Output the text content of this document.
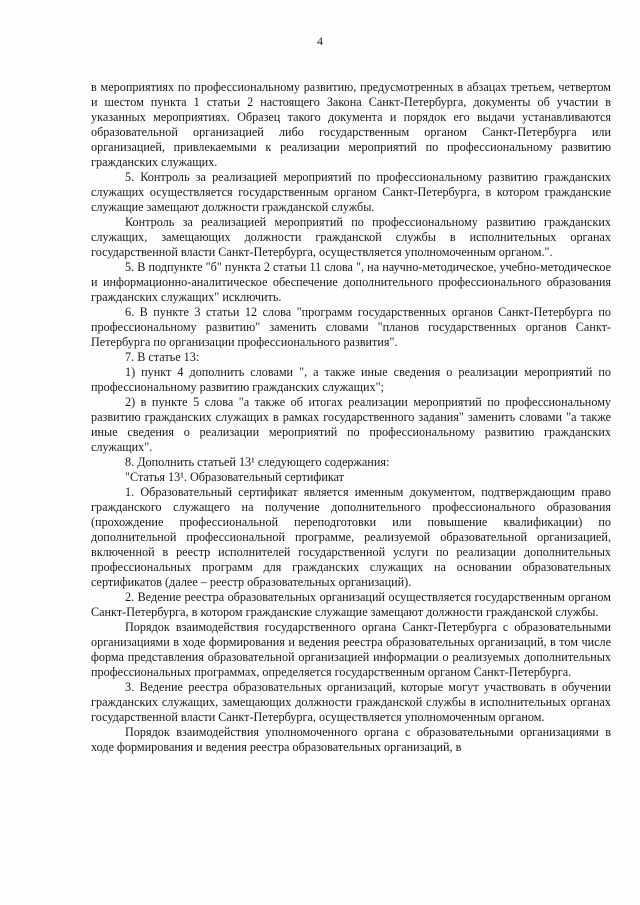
4

в мероприятиях по профессиональному развитию, предусмотренных в абзацах третьем, четвертом и шестом пункта 1 статьи 2 настоящего Закона Санкт-Петербурга, документы об участии в указанных мероприятиях. Образец такого документа и порядок его выдачи устанавливаются образовательной организацией либо государственным органом Санкт-Петербурга или организацией, привлекаемыми к реализации мероприятий по профессиональному развитию гражданских служащих.

5. Контроль за реализацией мероприятий по профессиональному развитию гражданских служащих осуществляется государственным органом Санкт-Петербурга, в котором гражданские служащие замещают должности гражданской службы.

Контроль за реализацией мероприятий по профессиональному развитию гражданских служащих, замещающих должности гражданской службы в исполнительных органах государственной власти Санкт-Петербурга, осуществляется уполномоченным органом.".

5. В подпункте "б" пункта 2 статьи 11 слова ", на научно-методическое, учебно-методическое и информационно-аналитическое обеспечение дополнительного профессионального образования гражданских служащих" исключить.

6. В пункте 3 статьи 12 слова "программ государственных органов Санкт-Петербурга по профессиональному развитию" заменить словами "планов государственных органов Санкт-Петербурга по организации профессионального развития".

7. В статье 13:

1) пункт 4 дополнить словами ", а также иные сведения о реализации мероприятий по профессиональному развитию гражданских служащих";

2) в пункте 5 слова "а также об итогах реализации мероприятий по профессиональному развитию гражданских служащих в рамках государственного задания" заменить словами "а также иные сведения о реализации мероприятий по профессиональному развитию гражданских служащих".

8. Дополнить статьей 13¹ следующего содержания:

"Статья 13¹. Образовательный сертификат

1. Образовательный сертификат является именным документом, подтверждающим право гражданского служащего на получение дополнительного профессионального образования (прохождение профессиональной переподготовки или повышение квалификации) по дополнительной профессиональной программе, реализуемой образовательной организацией, включенной в реестр исполнителей государственной услуги по реализации дополнительных профессиональных программ для гражданских служащих на основании образовательных сертификатов (далее – реестр образовательных организаций).

2. Ведение реестра образовательных организаций осуществляется государственным органом Санкт-Петербурга, в котором гражданские служащие замещают должности гражданской службы.

Порядок взаимодействия государственного органа Санкт-Петербурга с образовательными организациями в ходе формирования и ведения реестра образовательных организаций, в том числе форма представления образовательной организацией информации о реализуемых дополнительных профессиональных программах, определяется государственным органом Санкт-Петербурга.

3. Ведение реестра образовательных организаций, которые могут участвовать в обучении гражданских служащих, замещающих должности гражданской службы в исполнительных органах государственной власти Санкт-Петербурга, осуществляется уполномоченным органом.

Порядок взаимодействия уполномоченного органа с образовательными организациями в ходе формирования и ведения реестра образовательных организаций, в
